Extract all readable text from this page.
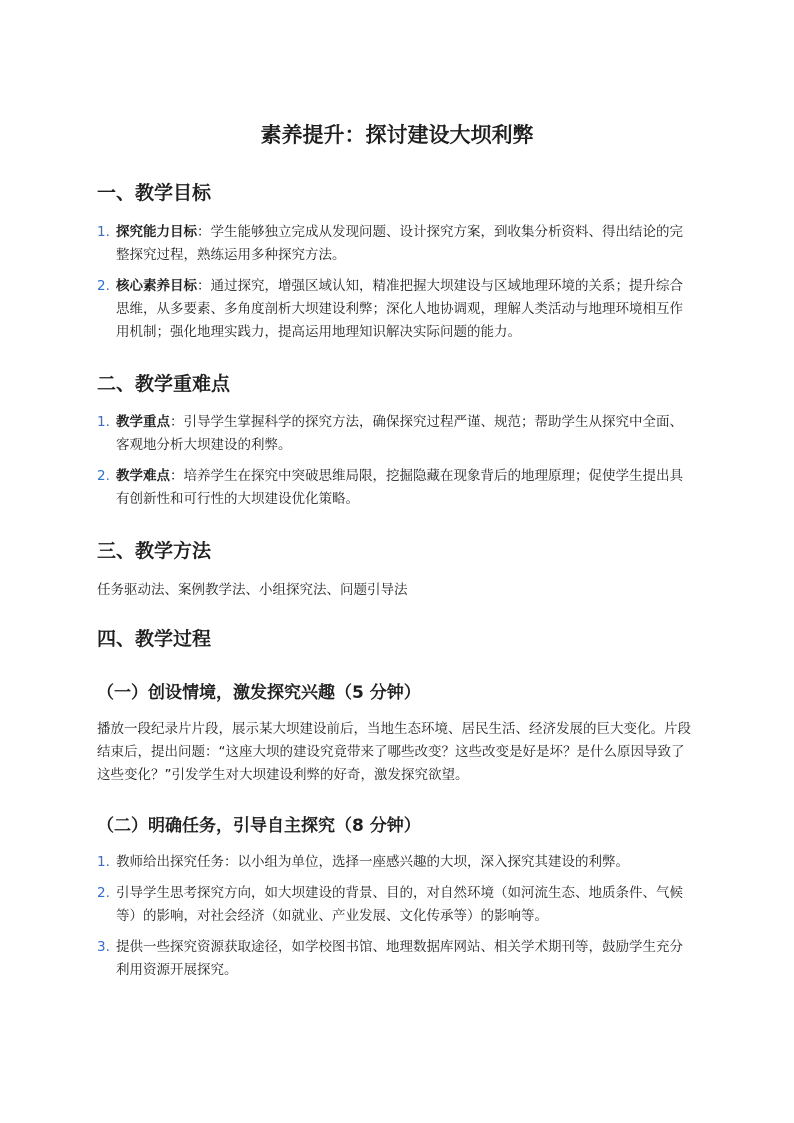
素养提升：探讨建设大坝利弊
一、教学目标
1. 探究能力目标：学生能够独立完成从发现问题、设计探究方案，到收集分析资料、得出结论的完整探究过程，熟练运用多种探究方法。
2. 核心素养目标：通过探究，增强区域认知，精准把握大坝建设与区域地理环境的关系；提升综合思维，从多要素、多角度剖析大坝建设利弊；深化人地协调观，理解人类活动与地理环境相互作用机制；强化地理实践力，提高运用地理知识解决实际问题的能力。
二、教学重难点
1. 教学重点：引导学生掌握科学的探究方法，确保探究过程严谨、规范；帮助学生从探究中全面、客观地分析大坝建设的利弊。
2. 教学难点：培养学生在探究中突破思维局限，挖掘隐藏在现象背后的地理原理；促使学生提出具有创新性和可行性的大坝建设优化策略。
三、教学方法

任务驱动法、案例教学法、小组探究法、问题引导法

四、教学过程
（一）创设情境，激发探究兴趣（5 分钟）

播放一段纪录片片段，展示某大坝建设前后，当地生态环境、居民生活、经济发展的巨大变化。片段结束后，提出问题：“这座大坝的建设究竟带来了哪些改变？这些改变是好是坏？是什么原因导致了这些变化？”引发学生对大坝建设利弊的好奇，激发探究欲望。

（二）明确任务，引导自主探究（8 分钟）
1. 教师给出探究任务：以小组为单位，选择一座感兴趣的大坝，深入探究其建设的利弊。
2. 引导学生思考探究方向，如大坝建设的背景、目的，对自然环境（如河流生态、地质条件、气候等）的影响，对社会经济（如就业、产业发展、文化传承等）的影响等。
3. 提供一些探究资源获取途径，如学校图书馆、地理数据库网站、相关学术期刊等，鼓励学生充分利用资源开展探究。
